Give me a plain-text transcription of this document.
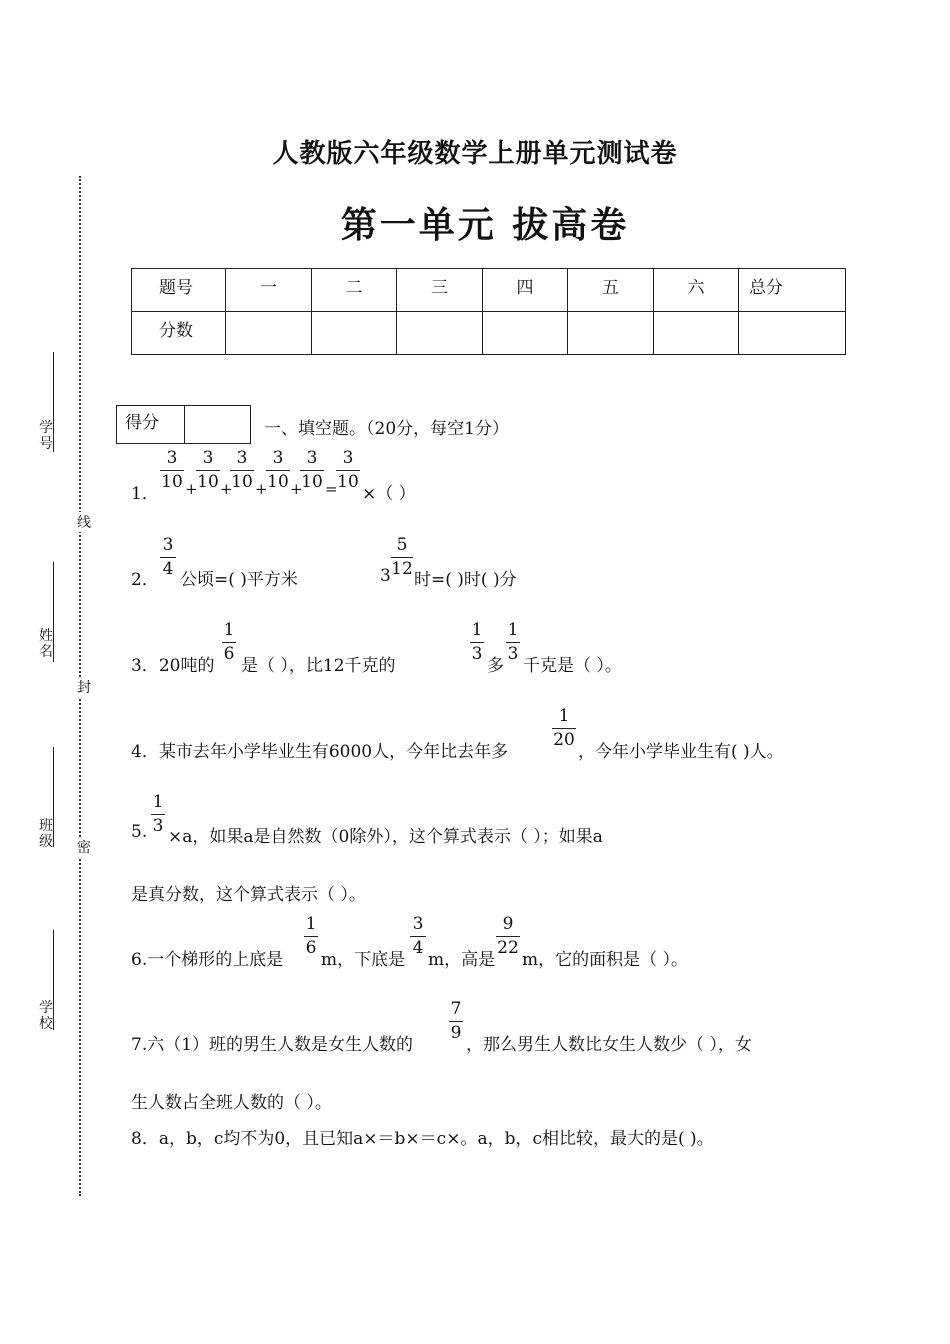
人教版六年级数学上册单元测试卷
第一单元 拔高卷
题号	一	二	三	四	五	六	总分
分数							
学号
姓名
班级
学校
线
封
密
得分		一、填空题。（20分，每空1分）
1．
3
10 +
3
10 +
3
10 +
3
10 +
3
10 =
3
10
×（ ）
2．
3
4
公顷=( )平方米	3
5
12
时=( )时( )分
3．20吨的
1
6
是（ ），比12千克的
1
3
多
1
3
千克是（ ）。
4．某市去年小学毕业生有6000人，今年比去年多
1
20
，今年小学毕业生有( )人。
5.
1
3
×a，如果a是自然数（0除外），这个算式表示（ ）；如果a
是真分数，这个算式表示（ ）。
6.一个梯形的上底是
1
6
m，下底是
3
4
m，高是
9
22
m，它的面积是（ ）。
7.六（1）班的男生人数是女生人数的
7
9
，那么男生人数比女生人数少（ ），女
生人数占全班人数的（ ）。
8．a，b，c均不为0，且已知a×＝b×＝c×。a，b，c相比较，最大的是( )。
